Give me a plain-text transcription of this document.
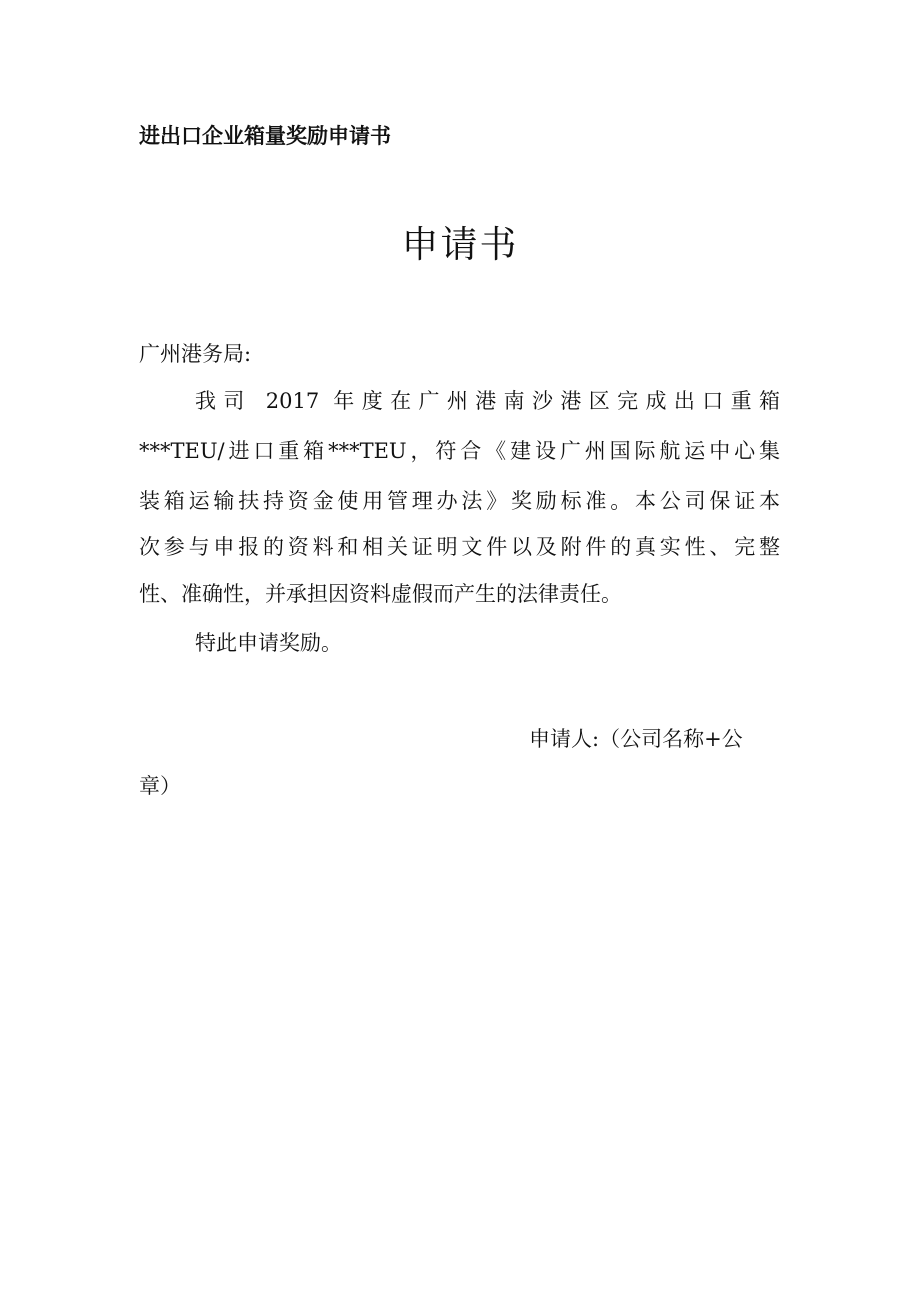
进出口企业箱量奖励申请书
申请书
广州港务局:
我司 2017 年度在广州港南沙港区完成出口重箱
***TEU/进口重箱***TEU，符合《建设广州国际航运中心集
装箱运输扶持资金使用管理办法》奖励标准。本公司保证本
次参与申报的资料和相关证明文件以及附件的真实性、完整
性、准确性，并承担因资料虚假而产生的法律责任。
特此申请奖励。
申请人:（公司名称+公
章）
